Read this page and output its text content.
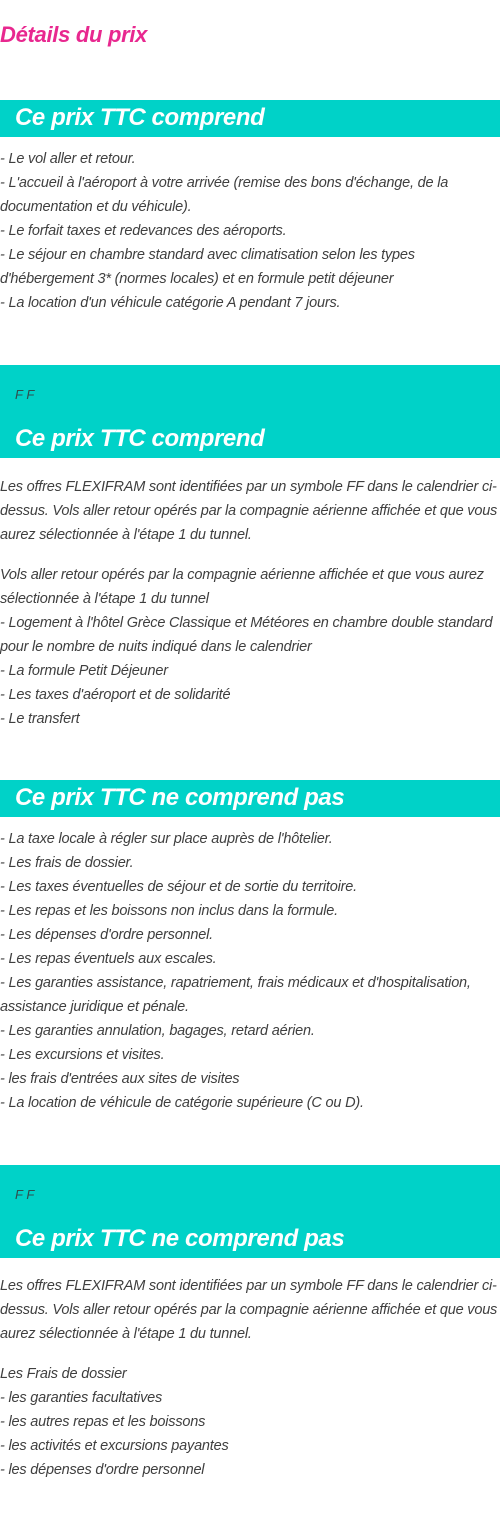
Détails du prix
Ce prix TTC comprend
- Le vol aller et retour.
- L'accueil à l'aéroport à votre arrivée (remise des bons d'échange, de la
documentation et du véhicule).
- Le forfait taxes et redevances des aéroports.
- Le séjour en chambre standard avec climatisation selon les types
d'hébergement 3* (normes locales) et en formule petit déjeuner
- La location d'un véhicule catégorie A pendant 7 jours.
F F
Ce prix TTC comprend
Les offres FLEXIFRAM sont identifiées par un symbole FF dans le calendrier ci-
dessus. Vols aller retour opérés par la compagnie aérienne affichée et que vous
aurez sélectionnée à l'étape 1 du tunnel.
Vols aller retour opérés par la compagnie aérienne affichée et que vous aurez
sélectionnée à l'étape 1 du tunnel
- Logement à l'hôtel Grèce Classique et Météores en chambre double standard
pour le nombre de nuits indiqué dans le calendrier
- La formule Petit Déjeuner
- Les taxes d'aéroport et de solidarité
- Le transfert
Ce prix TTC ne comprend pas
- La taxe locale à régler sur place auprès de l'hôtelier.
- Les frais de dossier.
- Les taxes éventuelles de séjour et de sortie du territoire.
- Les repas et les boissons non inclus dans la formule.
- Les dépenses d'ordre personnel.
- Les repas éventuels aux escales.
- Les garanties assistance, rapatriement, frais médicaux et d'hospitalisation,
assistance juridique et pénale.
- Les garanties annulation, bagages, retard aérien.
- Les excursions et visites.
- les frais d'entrées aux sites de visites
- La location de véhicule de catégorie supérieure (C ou D).
F F
Ce prix TTC ne comprend pas
Les offres FLEXIFRAM sont identifiées par un symbole FF dans le calendrier ci-
dessus. Vols aller retour opérés par la compagnie aérienne affichée et que vous
aurez sélectionnée à l'étape 1 du tunnel.
Les Frais de dossier
- les garanties facultatives
- les autres repas et les boissons
- les activités et excursions payantes
- les dépenses d'ordre personnel
